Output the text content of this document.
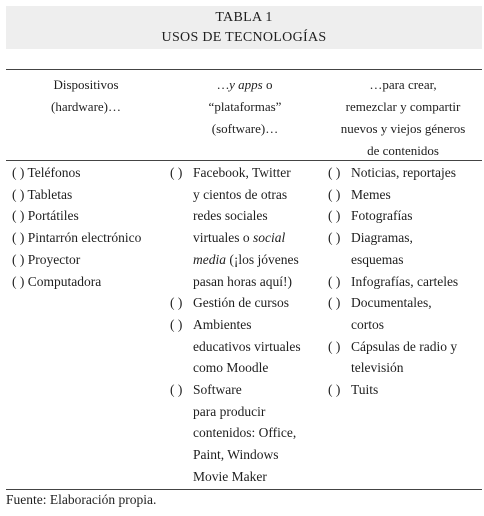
TABLA 1
USOS DE TECNOLOGÍAS
Dispositivos
(hardware)…
…y apps o
“plataformas”
(software)…
…para crear,
remezclar y compartir
nuevos y viejos géneros
de contenidos
( ) Teléfonos
( ) Tabletas
( ) Portátiles
( ) Pintarrón electrónico
( ) Proyector
( ) Computadora
( ) Facebook, Twitter
y cientos de otras
redes sociales
virtuales o social
media (¡los jóvenes
pasan horas aquí!)
( ) Gestión de cursos
( ) Ambientes
educativos virtuales
como Moodle
( ) Software
para producir
contenidos: Office,
Paint, Windows
Movie Maker
( ) Noticias, reportajes
( ) Memes
( ) Fotografías
( ) Diagramas,
esquemas
( ) Infografías, carteles
( ) Documentales,
cortos
( ) Cápsulas de radio y
televisión
( ) Tuits
Fuente: Elaboración propia.
